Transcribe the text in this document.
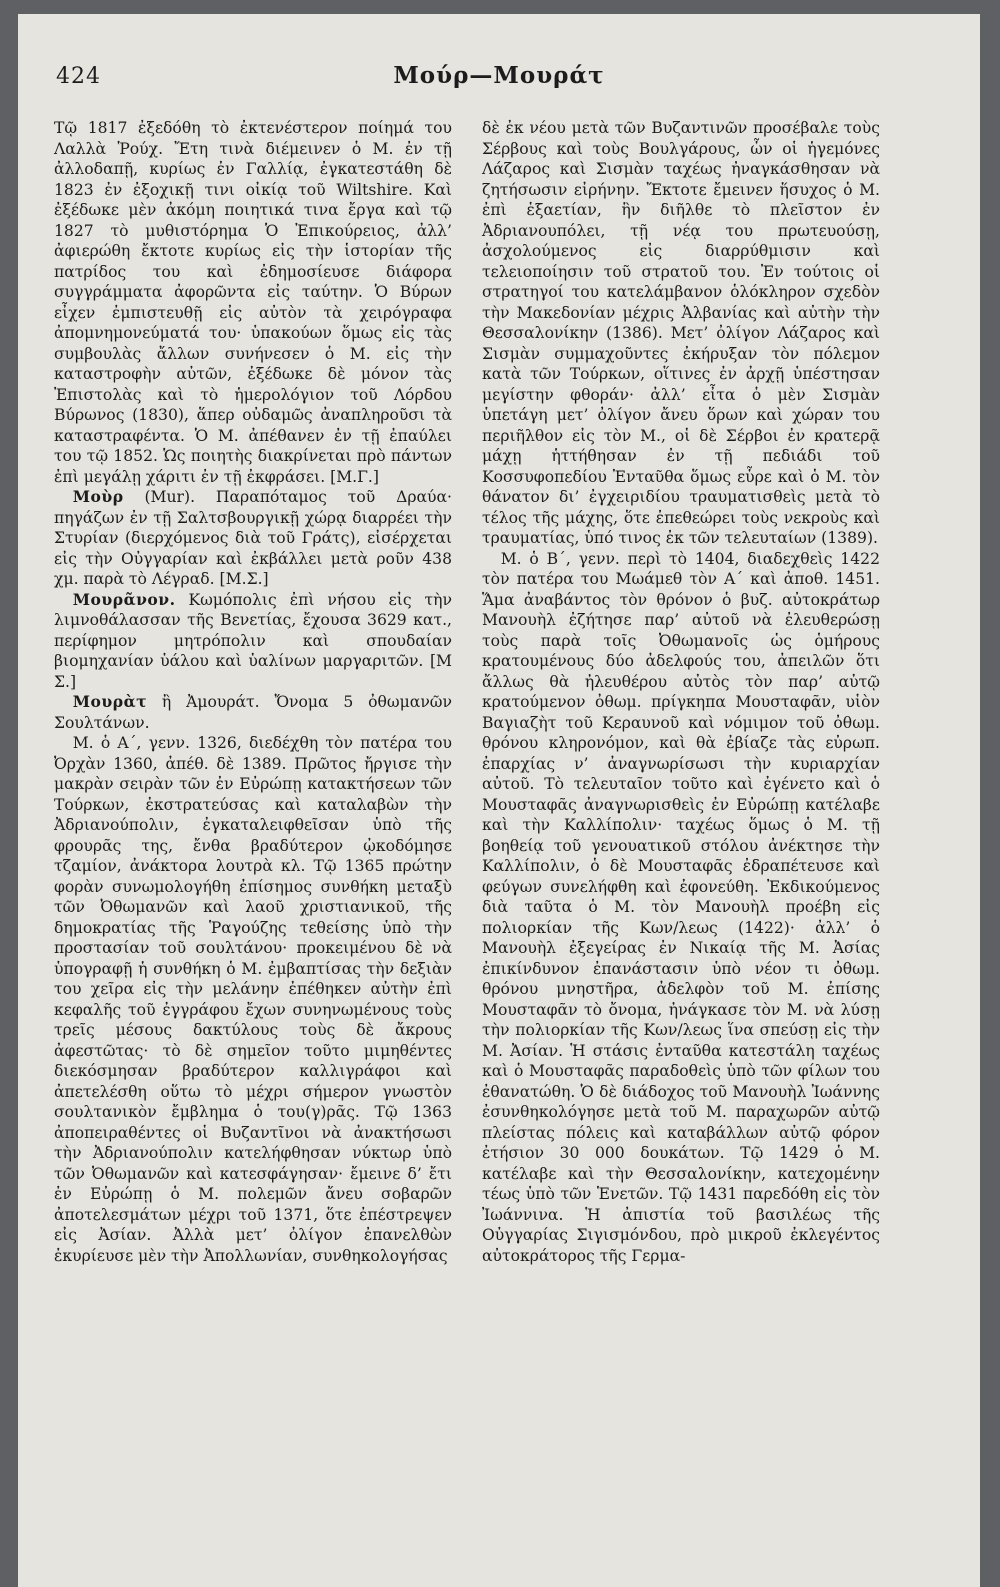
424	Μούρ—Μουράτ

Τῷ 1817 ἐξεδόθη τὸ ἐκτενέστερον ποίημά του Λαλλὰ Ῥούχ. Ἔτη τινὰ διέμεινεν ὁ Μ. ἐν τῇ ἀλλοδαπῇ, κυρίως ἐν Γαλλίᾳ, ἐγκατεστάθη δὲ 1823 ἐν ἐξοχικῇ τινι οἰκίᾳ τοῦ Wiltshire. Καὶ ἐξέδωκε μὲν ἀκόμη ποιητικά τινα ἔργα καὶ τῷ 1827 τὸ μυθιστόρημα Ὁ Ἐπικούρειος, ἀλλ’ ἀφιερώθη ἔκτοτε κυρίως εἰς τὴν ἱστορίαν τῆς πατρίδος του καὶ ἐδημοσίευσε διάφορα συγγράμματα ἀφορῶντα εἰς ταύτην. Ὁ Βύρων εἶχεν ἐμπιστευθῇ εἰς αὐτὸν τὰ χειρόγραφα ἀπομνημονεύματά του· ὑπακούων ὅμως εἰς τὰς συμβουλὰς ἄλλων συνήνεσεν ὁ Μ. εἰς τὴν καταστροφὴν αὐτῶν, ἐξέδωκε δὲ μόνον τὰς Ἐπιστολὰς καὶ τὸ ἡμερολόγιον τοῦ Λόρδου Βύρωνος (1830), ἅπερ οὐδαμῶς ἀναπληροῦσι τὰ καταστραφέντα. Ὁ Μ. ἀπέθανεν ἐν τῇ ἐπαύλει του τῷ 1852. Ὡς ποιητὴς διακρίνεται πρὸ πάντων ἐπὶ μεγάλῃ χάριτι ἐν τῇ ἐκφράσει. [Μ.Γ.]

Μοὺρ (Mur). Παραπόταμος τοῦ Δραύα· πηγάζων ἐν τῇ Σαλτσβουργικῇ χώρᾳ διαρρέει τὴν Στυρίαν (διερχόμενος διὰ τοῦ Γράτς), εἰσέρχεται εἰς τὴν Οὐγγαρίαν καὶ ἐκβάλλει μετὰ ροῦν 438 χμ. παρὰ τὸ Λέγραδ. [Μ.Σ.]

Μουρᾶνον. Κωμόπολις ἐπὶ νήσου εἰς τὴν λιμνοθάλασσαν τῆς Βενετίας, ἔχουσα 3629 κατ., περίφημον μητρόπολιν καὶ σπουδαίαν βιομηχανίαν ὑάλου καὶ ὑαλίνων μαργαριτῶν. [Μ Σ.]

Μουρὰτ ἢ Ἀμουράτ. Ὄνομα 5 ὀθωμανῶν Σουλτάνων.

Μ. ὁ Α΄, γενν. 1326, διεδέχθη τὸν πατέρα του Ὀρχὰν 1360, ἀπέθ. δὲ 1389. Πρῶτος ἤργισε τὴν μακρὰν σειρὰν τῶν ἐν Εὐρώπῃ κατακτήσεων τῶν Τούρκων, ἐκστρατεύσας καὶ καταλαβὼν τὴν Ἀδριανούπολιν, ἐγκαταλειφθεῖσαν ὑπὸ τῆς φρουρᾶς της, ἔνθα βραδύτερον ᾠκοδόμησε τζαμίον, ἀνάκτορα λουτρὰ κλ. Τῷ 1365 πρώτην φορὰν συνωμολογήθη ἐπίσημος συνθήκη μεταξὺ τῶν Ὀθωμανῶν καὶ λαοῦ χριστιανικοῦ, τῆς δημοκρατίας τῆς Ῥαγούζης τεθείσης ὑπὸ τὴν προστασίαν τοῦ σουλτάνου· προκειμένου δὲ νὰ ὑπογραφῇ ἡ συνθήκη ὁ Μ. ἐμβαπτίσας τὴν δεξιὰν του χεῖρα εἰς τὴν μελάνην ἐπέθηκεν αὐτὴν ἐπὶ κεφαλῆς τοῦ ἐγγράφου ἔχων συνηνωμένους τοὺς τρεῖς μέσους δακτύλους τοὺς δὲ ἄκρους ἀφεστῶτας· τὸ δὲ σημεῖον τοῦτο μιμηθέντες διεκόσμησαν βραδύτερον καλλιγράφοι καὶ ἀπετελέσθη οὕτω τὸ μέχρι σήμερον γνωστὸν σουλτανικὸν ἔμβλημα ὁ του(γ)ρᾶς. Τῷ 1363 ἀποπειραθέντες οἱ Βυζαντῖνοι νὰ ἀνακτήσωσι τὴν Ἀδριανούπολιν κατελήφθησαν νύκτωρ ὑπὸ τῶν Ὀθωμανῶν καὶ κατεσφάγησαν· ἔμεινε δ’ ἔτι ἐν Εὐρώπῃ ὁ Μ. πολεμῶν ἄνευ σοβαρῶν ἀποτελεσμάτων μέχρι τοῦ 1371, ὅτε ἐπέστρεψεν εἰς Ἀσίαν. Ἀλλὰ μετ’ ὀλίγον ἐπανελθὼν ἐκυρίευσε μὲν τὴν Ἀπολλωνίαν, συνθηκολογήσας

δὲ ἐκ νέου μετὰ τῶν Βυζαντινῶν προσέβαλε τοὺς Σέρβους καὶ τοὺς Βουλγάρους, ὧν οἱ ἡγεμόνες Λάζαρος καὶ Σισμὰν ταχέως ἠναγκάσθησαν νὰ ζητήσωσιν εἰρήνην. Ἔκτοτε ἔμεινεν ἥσυχος ὁ Μ. ἐπὶ ἑξαετίαν, ἣν διῆλθε τὸ πλεῖστον ἐν Ἀδριανουπόλει, τῇ νέᾳ του πρωτευούσῃ, ἀσχολούμενος εἰς διαρρύθμισιν καὶ τελειοποίησιν τοῦ στρατοῦ του. Ἐν τούτοις οἱ στρατηγοί του κατελάμβανον ὁλόκληρον σχεδὸν τὴν Μακεδονίαν μέχρις Ἀλβανίας καὶ αὐτὴν τὴν Θεσσαλονίκην (1386). Μετ’ ὀλίγον Λάζαρος καὶ Σισμὰν συμμαχοῦντες ἐκήρυξαν τὸν πόλεμον κατὰ τῶν Τούρκων, οἵτινες ἐν ἀρχῇ ὑπέστησαν μεγίστην φθοράν· ἀλλ’ εἶτα ὁ μὲν Σισμὰν ὑπετάγη μετ’ ὀλίγον ἄνευ ὅρων καὶ χώραν του περιῆλθον εἰς τὸν Μ., οἱ δὲ Σέρβοι ἐν κρατερᾷ μάχῃ ἡττήθησαν ἐν τῇ πεδιάδι τοῦ Κοσσυφοπεδίου Ἐνταῦθα ὅμως εὗρε καὶ ὁ Μ. τὸν θάνατον δι’ ἐγχειριδίου τραυματισθεὶς μετὰ τὸ τέλος τῆς μάχης, ὅτε ἐπεθεώρει τοὺς νεκροὺς καὶ τραυματίας, ὑπό τινος ἐκ τῶν τελευταίων (1389).

Μ. ὁ Β΄, γενν. περὶ τὸ 1404, διαδεχθεὶς 1422 τὸν πατέρα του Μωάμεθ τὸν Α΄ καὶ ἀποθ. 1451. Ἅμα ἀναβάντος τὸν θρόνον ὁ βυζ. αὐτοκράτωρ Μανουὴλ ἐζήτησε παρ’ αὐτοῦ νὰ ἐλευθερώσῃ τοὺς παρὰ τοῖς Ὀθωμανοῖς ὡς ὁμήρους κρατουμένους δύο ἀδελφούς του, ἀπειλῶν ὅτι ἄλλως θὰ ἠλευθέρου αὐτὸς τὸν παρ’ αὐτῷ κρατούμενον ὀθωμ. πρίγκηπα Μουσταφᾶν, υἱὸν Βαγιαζὴτ τοῦ Κεραυνοῦ καὶ νόμιμον τοῦ ὀθωμ. θρόνου κληρονόμον, καὶ θὰ ἐβίαζε τὰς εὐρωπ. ἐπαρχίας ν’ ἀναγνωρίσωσι τὴν κυριαρχίαν αὐτοῦ. Τὸ τελευταῖον τοῦτο καὶ ἐγένετο καὶ ὁ Μουσταφᾶς ἀναγνωρισθεὶς ἐν Εὐρώπῃ κατέλαβε καὶ τὴν Καλλίπολιν· ταχέως ὅμως ὁ Μ. τῇ βοηθείᾳ τοῦ γενουατικοῦ στόλου ἀνέκτησε τὴν Καλλίπολιν, ὁ δὲ Μουσταφᾶς ἐδραπέτευσε καὶ φεύγων συνελήφθη καὶ ἐφονεύθη. Ἐκδικούμενος διὰ ταῦτα ὁ Μ. τὸν Μανουὴλ προέβη εἰς πολιορκίαν τῆς Κων/λεως (1422)· ἀλλ’ ὁ Μανουὴλ ἐξεγείρας ἐν Νικαίᾳ τῆς Μ. Ἀσίας ἐπικίνδυνον ἐπανάστασιν ὑπὸ νέον τι ὀθωμ. θρόνου μνηστῆρα, ἀδελφὸν τοῦ Μ. ἐπίσης Μουσταφᾶν τὸ ὄνομα, ἠνάγκασε τὸν Μ. νὰ λύσῃ τὴν πολιορκίαν τῆς Κων/λεως ἵνα σπεύσῃ εἰς τὴν Μ. Ἀσίαν. Ἡ στάσις ἐνταῦθα κατεστάλη ταχέως καὶ ὁ Μουσταφᾶς παραδοθεὶς ὑπὸ τῶν φίλων του ἐθανατώθη. Ὁ δὲ διάδοχος τοῦ Μανουὴλ Ἰωάννης ἐσυνθηκολόγησε μετὰ τοῦ Μ. παραχωρῶν αὐτῷ πλείστας πόλεις καὶ καταβάλλων αὐτῷ φόρον ἐτήσιον 30 000 δουκάτων. Τῷ 1429 ὁ Μ. κατέλαβε καὶ τὴν Θεσσαλονίκην, κατεχομένην τέως ὑπὸ τῶν Ἑνετῶν. Τῷ 1431 παρεδόθη εἰς τὸν Ἰωάννινα. Ἡ ἀπιστία τοῦ βασιλέως τῆς Οὐγγαρίας Σιγισμόνδου, πρὸ μικροῦ ἐκλεγέντος αὐτοκράτορος τῆς Γερμα-
